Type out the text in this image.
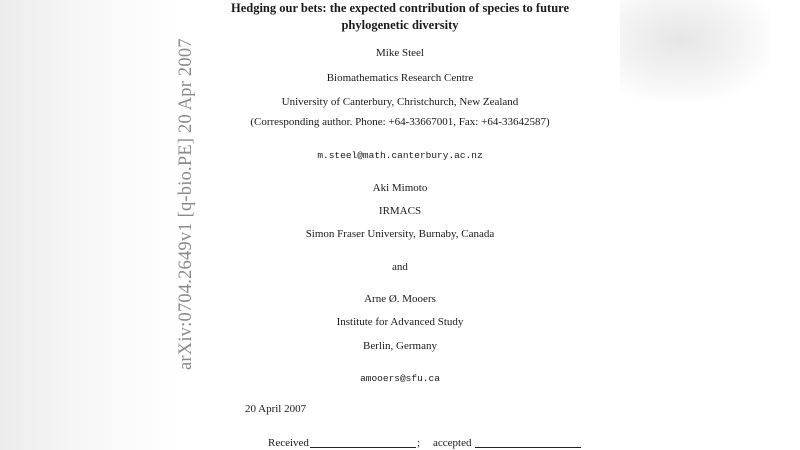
arXiv:0704.2649v1 [q-bio.PE] 20 Apr 2007
Hedging our bets: the expected contribution of species to future
phylogenetic diversity
Mike Steel
Biomathematics Research Centre
University of Canterbury, Christchurch, New Zealand
(Corresponding author. Phone: +64-33667001, Fax: +64-33642587)
m.steel@math.canterbury.ac.nz
Aki Mimoto
IRMACS
Simon Fraser University, Burnaby, Canada
and
Arne Ø. Mooers
Institute for Advanced Study
Berlin, Germany
amooers@sfu.ca
20 April 2007
Received	; accepted
